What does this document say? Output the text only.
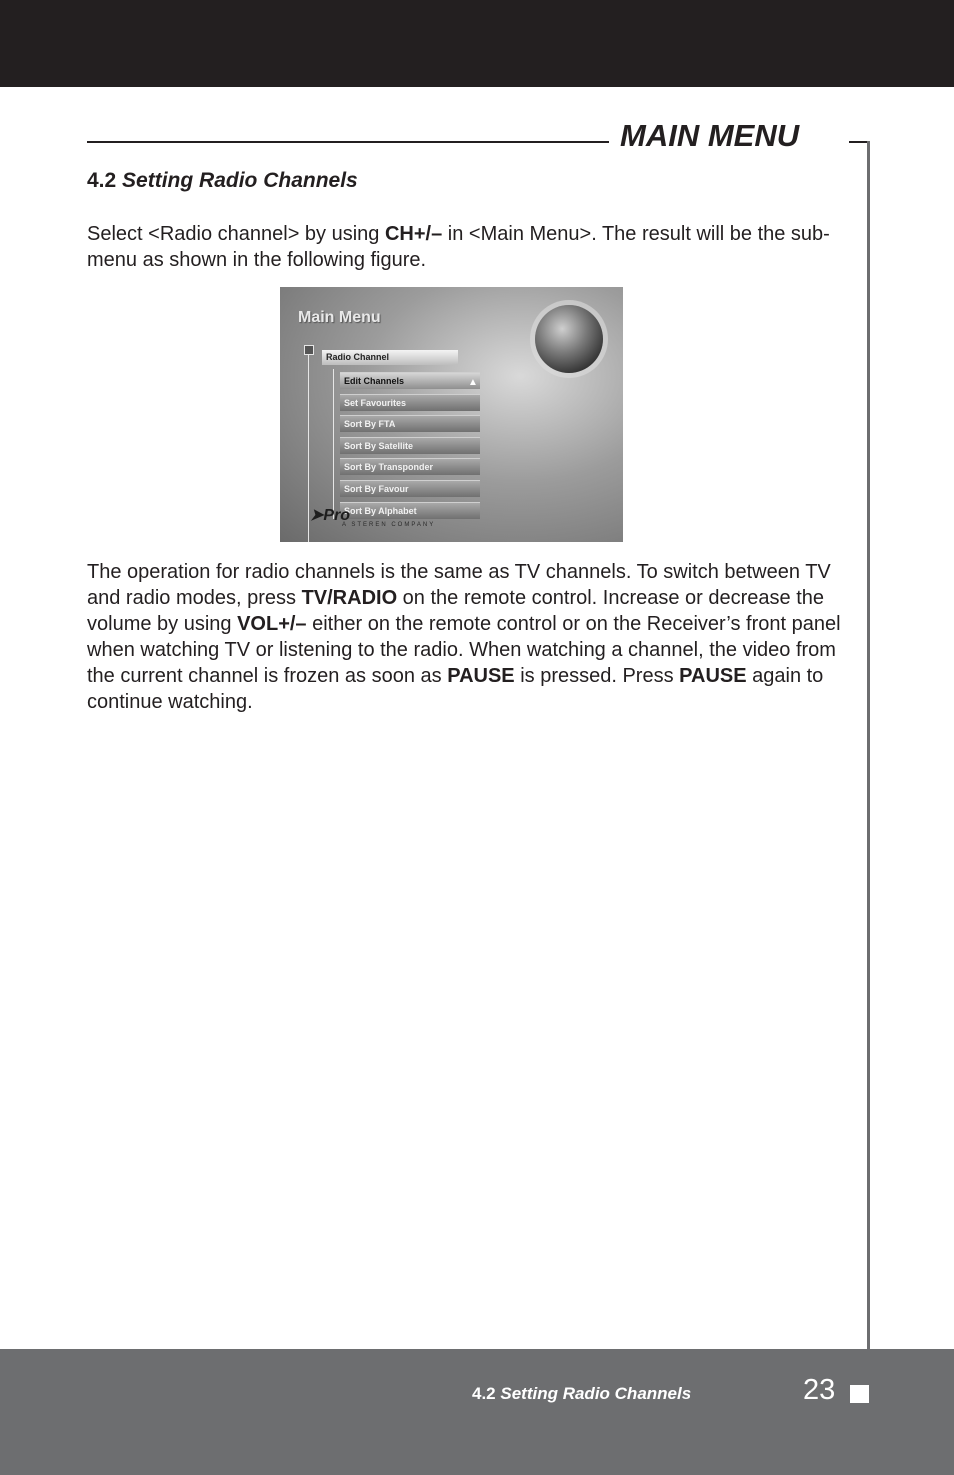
MAIN MENU
4.2 Setting Radio Channels

Select <Radio channel> by using CH+/– in <Main Menu>. The result will be the sub-menu as shown in the following figure.

Main Menu
Radio Channel
Edit Channels
Set Favourites
Sort By FTA
Sort By Satellite
Sort By Transponder
Sort By Favour
Sort By Alphabet
▲
➤Pro
A STEREN COMPANY

The operation for radio channels is the same as TV channels. To switch between TV and radio modes, press TV/RADIO on the remote control. Increase or decrease the volume by using VOL+/– either on the remote control or on the Receiver’s front panel when watching TV or listening to the radio. When watching a channel, the video from the current channel is frozen as soon as PAUSE is pressed. Press PAUSE again to continue watching.

4.2 Setting Radio Channels	23
